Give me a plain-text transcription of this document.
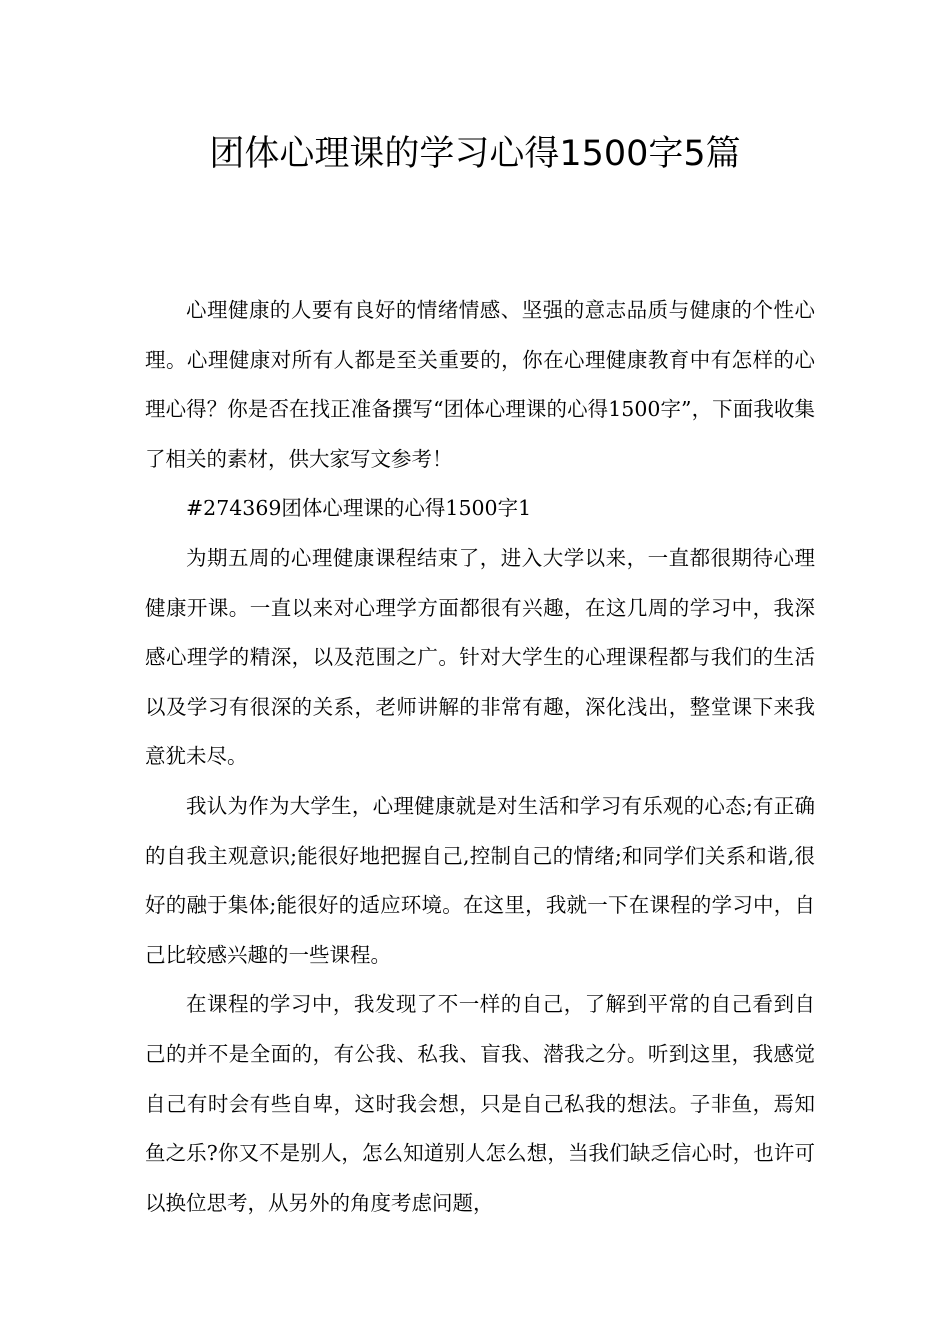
团体心理课的学习心得1500字5篇

心理健康的人要有良好的情绪情感、坚强的意志品质与健康的个性心理。心理健康对所有人都是至关重要的，你在心理健康教育中有怎样的心理心得？你是否在找正准备撰写“团体心理课的心得1500字”，下面我收集了相关的素材，供大家写文参考！

#274369团体心理课的心得1500字1

为期五周的心理健康课程结束了，进入大学以来，一直都很期待心理健康开课。一直以来对心理学方面都很有兴趣，在这几周的学习中，我深感心理学的精深，以及范围之广。针对大学生的心理课程都与我们的生活以及学习有很深的关系，老师讲解的非常有趣，深化浅出，整堂课下来我意犹未尽。

我认为作为大学生，心理健康就是对生活和学习有乐观的心态;有正确的自我主观意识;能很好地把握自己,控制自己的情绪;和同学们关系和谐,很好的融于集体;能很好的适应环境。在这里，我就一下在课程的学习中，自己比较感兴趣的一些课程。

在课程的学习中，我发现了不一样的自己，了解到平常的自己看到自己的并不是全面的，有公我、私我、盲我、潜我之分。听到这里，我感觉自己有时会有些自卑，这时我会想，只是自己私我的想法。子非鱼，焉知鱼之乐?你又不是别人，怎么知道别人怎么想，当我们缺乏信心时，也许可以换位思考，从另外的角度考虑问题，
